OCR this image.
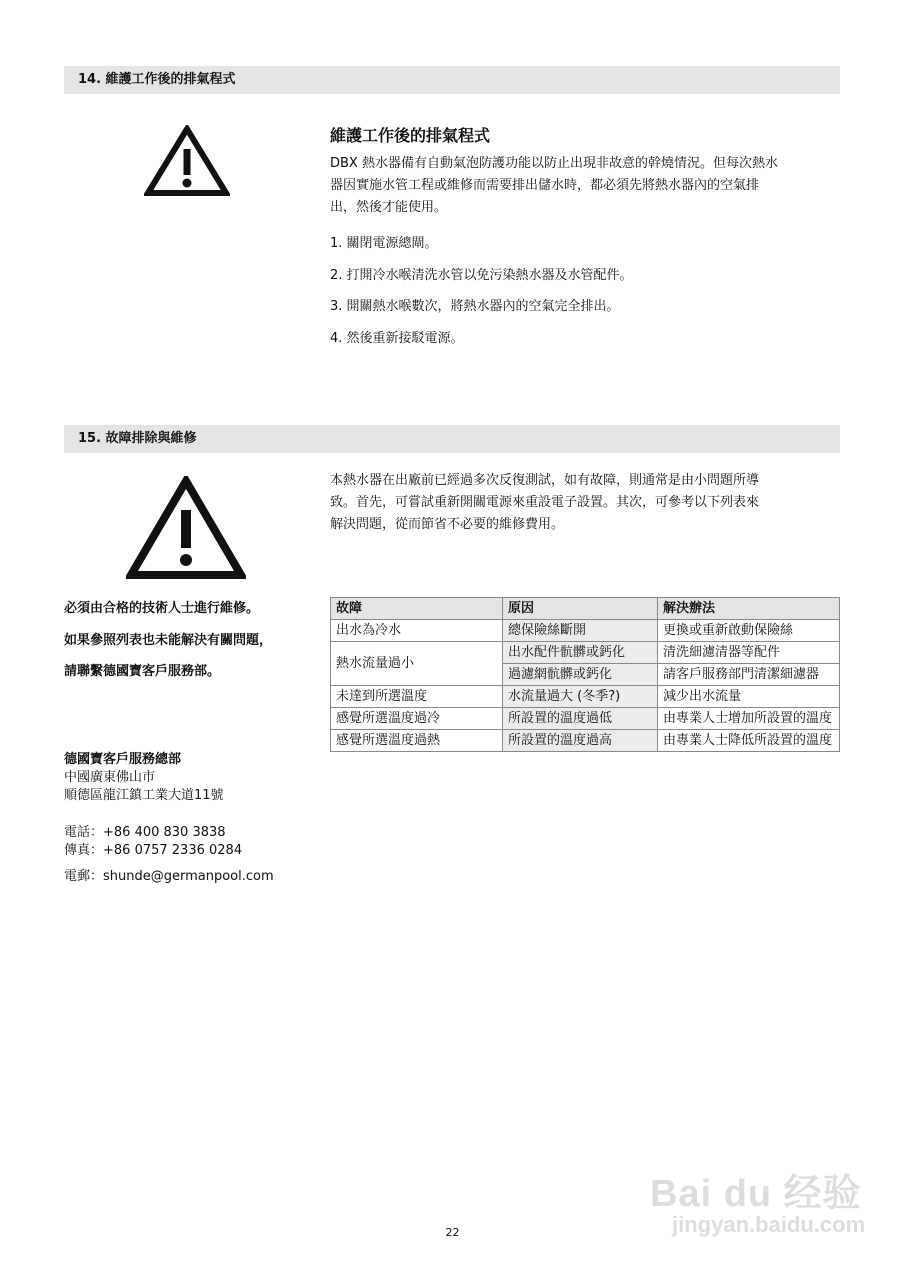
14. 維護工作後的排氣程式
維護工作後的排氣程式
DBX 熱水器備有自動氣泡防護功能以防止出現非故意的幹燒情況。但每次熱水
器因實施水管工程或維修而需要排出儲水時，都必須先將熱水器內的空氣排
出，然後才能使用。
1. 關閉電源總閘。
2. 打開冷水喉清洗水管以免污染熱水器及水管配件。
3. 開關熱水喉數次，將熱水器內的空氣完全排出。
4. 然後重新接駁電源。
15. 故障排除與維修
本熱水器在出廠前已經過多次反復測試，如有故障，則通常是由小問題所導
致。首先，可嘗試重新開關電源來重設電子設置。其次，可參考以下列表來
解決問題，從而節省不必要的維修費用。
必須由合格的技術人士進行維修。
如果參照列表也未能解決有關問題，
請聯繫德國寶客戶服務部。
故障	原因	解決辦法
出水為冷水	總保險絲斷開	更換或重新啟動保險絲
熱水流量過小	出水配件骯髒或鈣化	清洗細濾清器等配件
	過濾網骯髒或鈣化	請客戶服務部門清潔細濾器
未達到所選溫度	水流量過大 (冬季?)	減少出水流量
感覺所選溫度過冷	所設置的溫度過低	由專業人士增加所設置的溫度
感覺所選溫度過熱	所設置的溫度過高	由專業人士降低所設置的溫度
德國寶客戶服務總部
中國廣東佛山市
順德區龍江鎮工業大道11號
電話：+86 400 830 3838
傳真：+86 0757 2336 0284
電郵：shunde@germanpool.com
22
Bai du 经验
jingyan.baidu.com
